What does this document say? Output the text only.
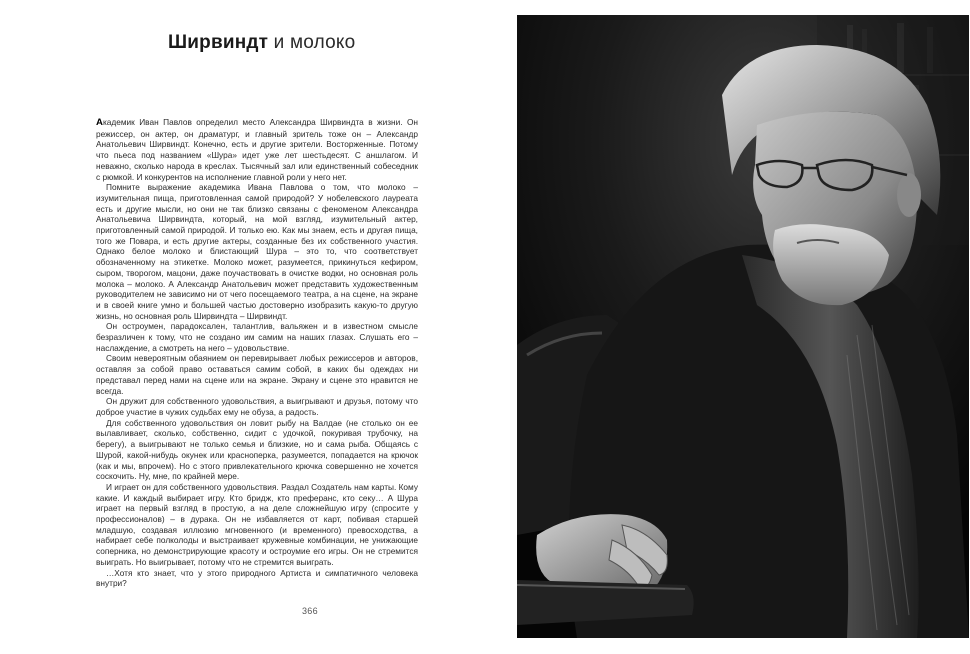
Ширвиндт и молоко

Академик Иван Павлов определил место Александра Ширвиндта в жизни. Он режиссер, он актер, он драматург, и главный зритель тоже он – Александр Анатольевич Ширвиндт. Конечно, есть и другие зрители. Восторженные. Потому что пьеса под названием «Шура» идет уже лет шестьдесят. С аншлагом. И неважно, сколько народа в креслах. Тысячный зал или единственный собеседник с рюмкой. И конкурентов на исполнение главной роли у него нет.

Помните выражение академика Ивана Павлова о том, что молоко – изумительная пища, приготовленная самой природой? У нобелевского лауреата есть и другие мысли, но они не так близко связаны с феноменом Александра Анатольевича Ширвиндта, который, на мой взгляд, изумительный актер, приготовленный самой природой. И только ею. Как мы знаем, есть и другая пища, того же Повара, и есть другие актеры, созданные без их собственного участия. Однако белое молоко и блистающий Шура – это то, что соответствует обозначенному на этикетке. Молоко может, разумеется, прикинуться кефиром, сыром, творогом, мацони, даже поучаствовать в очистке водки, но основная роль молока – молоко. А Александр Анатольевич может представить художественным руководителем не зависимо ни от чего посещаемого театра, а на сцене, на экране и в своей книге умно и большей частью достоверно изобразить какую-то другую жизнь, но основная роль Ширвиндта – Ширвиндт.

Он остроумен, парадоксален, талантлив, вальяжен и в известном смысле безразличен к тому, что не создано им самим на наших глазах. Слушать его – наслаждение, а смотреть на него – удовольствие.

Своим невероятным обаянием он перевирывает любых режиссеров и авторов, оставляя за собой право оставаться самим собой, в каких бы одеждах ни представал перед нами на сцене или на экране. Экрану и сцене это нравится не всегда.

Он дружит для собственного удовольствия, а выигрывают и друзья, потому что доброе участие в чужих судьбах ему не обуза, а радость.

Для собственного удовольствия он ловит рыбу на Валдае (не столько он ее вылавливает, сколько, собственно, сидит с удочкой, покуривая трубочку, на берегу), а выигрывают не только семья и близкие, но и сама рыба. Общаясь с Шурой, какой-нибудь окунек или красноперка, разумеется, попадается на крючок (как и мы, впрочем). Но с этого привлекательного крючка совершенно не хочется соскочить. Ну, мне, по крайней мере.

И играет он для собственного удовольствия. Раздал Создатель нам карты. Кому какие. И каждый выбирает игру. Кто бридж, кто преферанс, кто секу… А Шура играет на первый взгляд в простую, а на деле сложнейшую игру (спросите у профессионалов) – в дурака. Он не избавляется от карт, побивая старшей младшую, создавая иллюзию мгновенного (и временного) превосходства, а набирает себе полколоды и выстраивает кружевные комбинации, не унижающие соперника, но демонстрирующие красоту и остроумие его игры. Он не стремится выиграть. Но выигрывает, потому что не стремится выиграть.

…Хотя кто знает, что у этого природного Артиста и симпатичного человека внутри?

366
